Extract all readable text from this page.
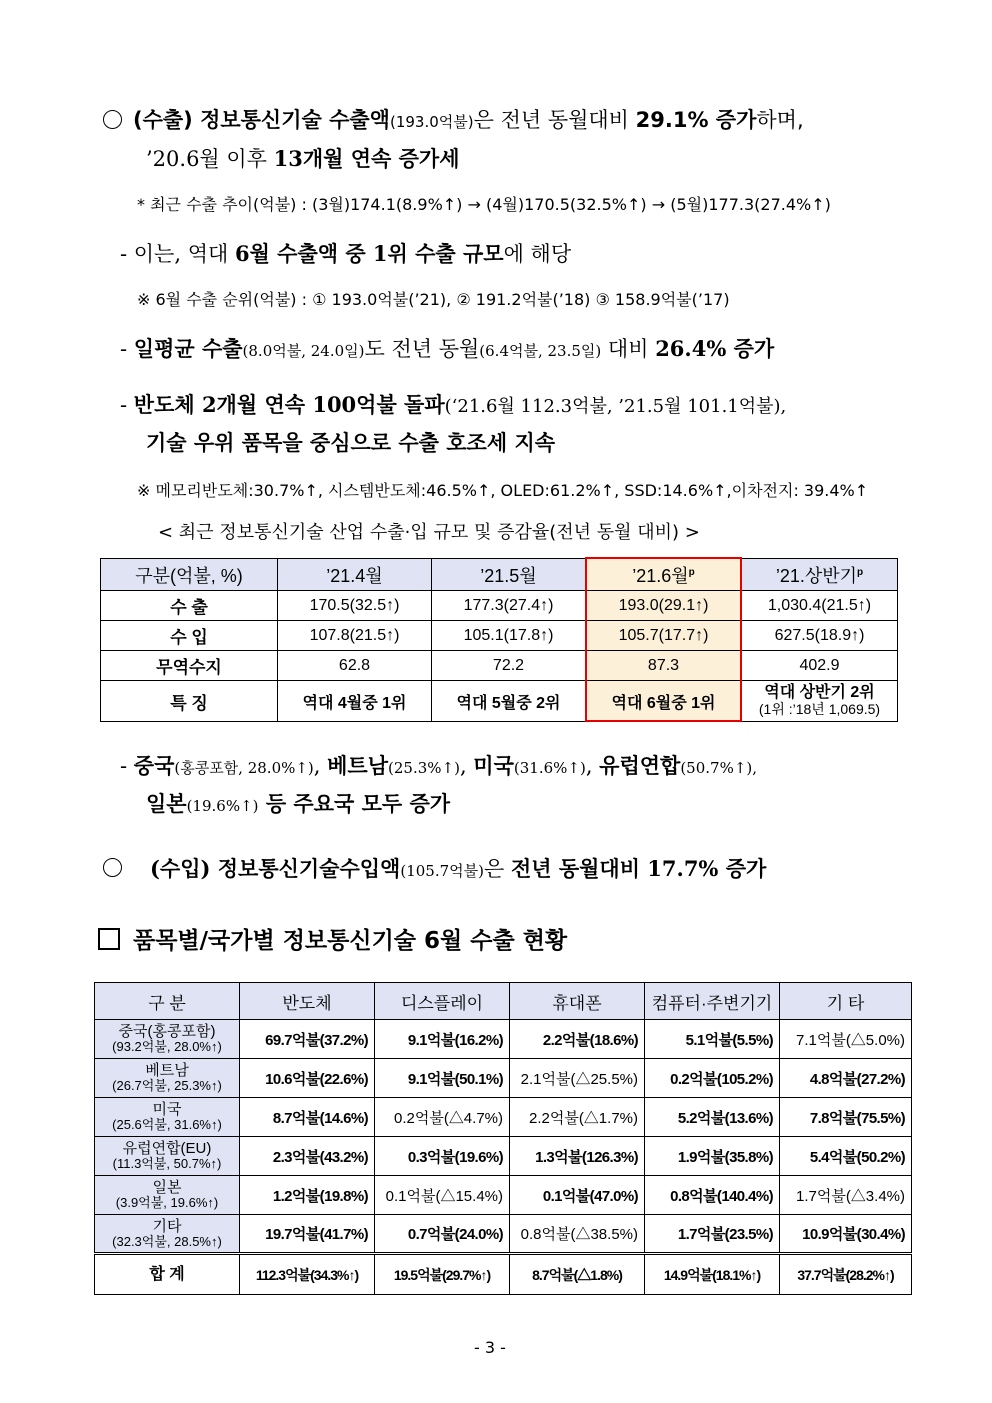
(수출) 정보통신기술 수출액(193.0억불)은 전년 동월대비 29.1% 증가하며,
’20.6월 이후 13개월 연속 증가세
* 최근 수출 추이(억불) : (3월)174.1(8.9%↑) → (4월)170.5(32.5%↑) → (5월)177.3(27.4%↑)
- 이는, 역대 6월 수출액 중 1위 수출 규모에 해당
※ 6월 수출 순위(억불) : ① 193.0억불(’21), ② 191.2억불(’18) ③ 158.9억불(’17)
- 일평균 수출(8.0억불, 24.0일)도 전년 동월(6.4억불, 23.5일) 대비 26.4% 증가
- 반도체 2개월 연속 100억불 돌파(‘21.6월 112.3억불, ’21.5월 101.1억불),
기술 우위 품목을 중심으로 수출 호조세 지속
※ 메모리반도체:30.7%↑, 시스템반도체:46.5%↑, OLED:61.2%↑, SSD:14.6%↑,이차전지: 39.4%↑
< 최근 정보통신기술 산업 수출·입 규모 및 증감율(전년 동월 대비) >
구분(억불, %)	’21.4월	’21.5월	’21.6월$^p$	’21.상반기$^p$
수 출	170.5(32.5↑)	177.3(27.4↑)	193.0(29.1↑)	1,030.4(21.5↑)
수 입	107.8(21.5↑)	105.1(17.8↑)	105.7(17.7↑)	627.5(18.9↑)
무역수지	62.8	72.2	87.3	402.9
특 징	역대 4월중 1위	역대 5월중 2위	역대 6월중 1위	역대 상반기 2위
(1위 :’18년 1,069.5)
- 중국(홍콩포함, 28.0%↑), 베트남(25.3%↑), 미국(31.6%↑), 유럽연합(50.7%↑),
일본(19.6%↑) 등 주요국 모두 증가
(수입) 정보통신기술수입액(105.7억불)은 전년 동월대비 17.7% 증가
품목별/국가별 정보통신기술 6월 수출 현황
구 분	반도체	디스플레이	휴대폰	컴퓨터·주변기기	기 타

중국(홍콩포함)
(93.2억불, 28.0%↑)	69.7억불(37.2%)	9.1억불(16.2%)	2.2억불(18.6%)	5.1억불(5.5%)	7.1억불(△5.0%)

베트남
(26.7억불, 25.3%↑)	10.6억불(22.6%)	9.1억불(50.1%)	2.1억불(△25.5%)	0.2억불(105.2%)	4.8억불(27.2%)

미국
(25.6억불, 31.6%↑)	8.7억불(14.6%)	0.2억불(△4.7%)	2.2억불(△1.7%)	5.2억불(13.6%)	7.8억불(75.5%)

유럽연합(EU)
(11.3억불, 50.7%↑)	2.3억불(43.2%)	0.3억불(19.6%)	1.3억불(126.3%)	1.9억불(35.8%)	5.4억불(50.2%)

일본
(3.9억불, 19.6%↑)	1.2억불(19.8%)	0.1억불(△15.4%)	0.1억불(47.0%)	0.8억불(140.4%)	1.7억불(△3.4%)

기타
(32.3억불, 28.5%↑)	19.7억불(41.7%)	0.7억불(24.0%)	0.8억불(△38.5%)	1.7억불(23.5%)	10.9억불(30.4%)
합 계	112.3억불(34.3%↑)	19.5억불(29.7%↑)	8.7억불(△1.8%)	14.9억불(18.1%↑)	37.7억불(28.2%↑)
- 3 -
